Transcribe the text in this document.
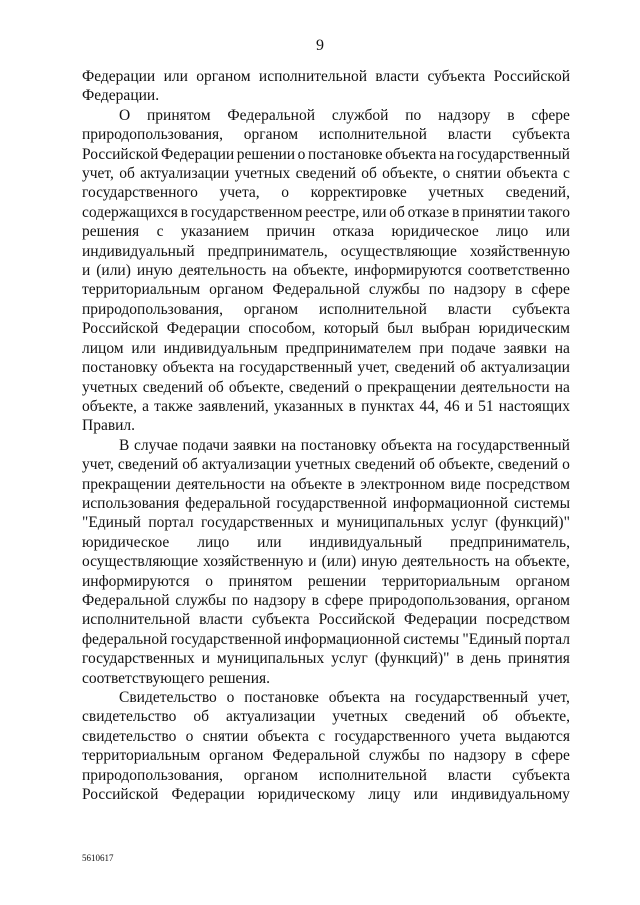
9
Федерации или органом исполнительной власти субъекта Российской
Федерации.
О принятом Федеральной службой по надзору в сфере
природопользования, органом исполнительной власти субъекта
Российской Федерации решении о постановке объекта на государственный
учет, об актуализации учетных сведений об объекте, о снятии объекта с
государственного учета, о корректировке учетных сведений,
содержащихся в государственном реестре, или об отказе в принятии такого
решения с указанием причин отказа юридическое лицо или
индивидуальный предприниматель, осуществляющие хозяйственную
и (или) иную деятельность на объекте, информируются соответственно
территориальным органом Федеральной службы по надзору в сфере
природопользования, органом исполнительной власти субъекта
Российской Федерации способом, который был выбран юридическим
лицом или индивидуальным предпринимателем при подаче заявки на
постановку объекта на государственный учет, сведений об актуализации
учетных сведений об объекте, сведений о прекращении деятельности на
объекте, а также заявлений, указанных в пунктах 44, 46 и 51 настоящих
Правил.
В случае подачи заявки на постановку объекта на государственный
учет, сведений об актуализации учетных сведений об объекте, сведений о
прекращении деятельности на объекте в электронном виде посредством
использования федеральной государственной информационной системы
"Единый портал государственных и муниципальных услуг (функций)"
юридическое лицо или индивидуальный предприниматель,
осуществляющие хозяйственную и (или) иную деятельность на объекте,
информируются о принятом решении территориальным органом
Федеральной службы по надзору в сфере природопользования, органом
исполнительной власти субъекта Российской Федерации посредством
федеральной государственной информационной системы "Единый портал
государственных и муниципальных услуг (функций)" в день принятия
соответствующего решения.
Свидетельство о постановке объекта на государственный учет,
свидетельство об актуализации учетных сведений об объекте,
свидетельство о снятии объекта с государственного учета выдаются
территориальным органом Федеральной службы по надзору в сфере
природопользования, органом исполнительной власти субъекта
Российской Федерации юридическому лицу или индивидуальному
5610617
